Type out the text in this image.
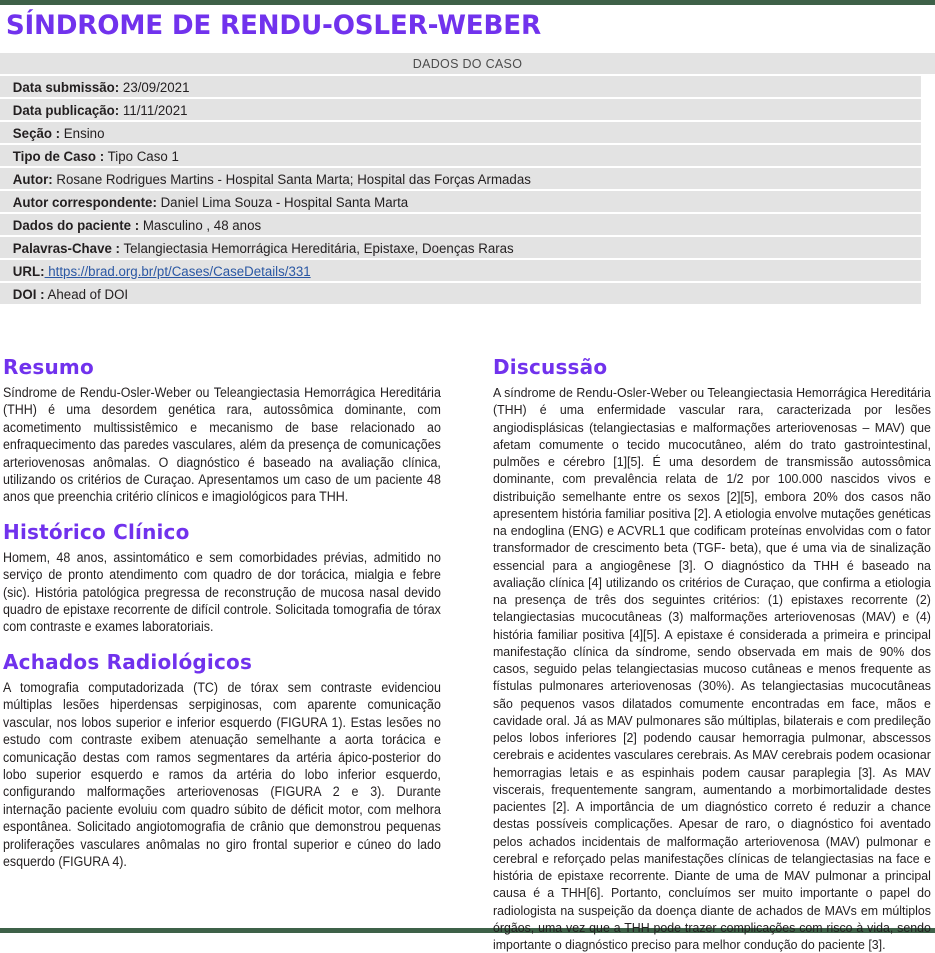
SÍNDROME DE RENDU-OSLER-WEBER
DADOS DO CASO
Data submissão: 23/09/2021
Data publicação: 11/11/2021
Seção : Ensino
Tipo de Caso : Tipo Caso 1
Autor: Rosane Rodrigues Martins - Hospital Santa Marta; Hospital das Forças Armadas
Autor correspondente: Daniel Lima Souza - Hospital Santa Marta
Dados do paciente : Masculino , 48 anos
Palavras-Chave : Telangiectasia Hemorrágica Hereditária, Epistaxe, Doenças Raras
URL: https://brad.org.br/pt/Cases/CaseDetails/331
DOI : Ahead of DOI
Resumo

Síndrome de Rendu-Osler-Weber ou Teleangiectasia Hemorrágica Hereditária (THH) é uma desordem genética rara, autossômica dominante, com acometimento multissistêmico e mecanismo de base relacionado ao enfraquecimento das paredes vasculares, além da presença de comunicações arteriovenosas anômalas. O diagnóstico é baseado na avaliação clínica, utilizando os critérios de Curaçao. Apresentamos um caso de um paciente 48 anos que preenchia critério clínicos e imagiológicos para THH.

Histórico Clínico

Homem, 48 anos, assintomático e sem comorbidades prévias, admitido no serviço de pronto atendimento com quadro de dor torácica, mialgia e febre (sic). História patológica pregressa de reconstrução de mucosa nasal devido quadro de epistaxe recorrente de difícil controle. Solicitada tomografia de tórax com contraste e exames laboratoriais.

Achados Radiológicos

A tomografia computadorizada (TC) de tórax sem contraste evidenciou múltiplas lesões hiperdensas serpiginosas, com aparente comunicação vascular, nos lobos superior e inferior esquerdo (FIGURA 1). Estas lesões no estudo com contraste exibem atenuação semelhante a aorta torácica e comunicação destas com ramos segmentares da artéria ápico-posterior do lobo superior esquerdo e ramos da artéria do lobo inferior esquerdo, configurando malformações arteriovenosas (FIGURA 2 e 3). Durante internação paciente evoluiu com quadro súbito de déficit motor, com melhora espontânea. Solicitado angiotomografia de crânio que demonstrou pequenas proliferações vasculares anômalas no giro frontal superior e cúneo do lado esquerdo (FIGURA 4).

Discussão

A síndrome de Rendu-Osler-Weber ou Teleangiectasia Hemorrágica Hereditária (THH) é uma enfermidade vascular rara, caracterizada por lesões angiodisplásicas (telangiectasias e malformações arteriovenosas – MAV) que afetam comumente o tecido mucocutâneo, além do trato gastrointestinal, pulmões e cérebro [1][5]. É uma desordem de transmissão autossômica dominante, com prevalência relata de 1/2 por 100.000 nascidos vivos e distribuição semelhante entre os sexos [2][5], embora 20% dos casos não apresentem história familiar positiva [2]. A etiologia envolve mutações genéticas na endoglina (ENG) e ACVRL1 que codificam proteínas envolvidas com o fator transformador de crescimento beta (TGF- beta), que é uma via de sinalização essencial para a angiogênese [3]. O diagnóstico da THH é baseado na avaliação clínica [4] utilizando os critérios de Curaçao, que confirma a etiologia na presença de três dos seguintes critérios: (1) epistaxes recorrente (2) telangiectasias mucocutâneas (3) malformações arteriovenosas (MAV) e (4) história familiar positiva [4][5]. A epistaxe é considerada a primeira e principal manifestação clínica da síndrome, sendo observada em mais de 90% dos casos, seguido pelas telangiectasias mucoso cutâneas e menos frequente as fístulas pulmonares arteriovenosas (30%). As telangiectasias mucocutâneas são pequenos vasos dilatados comumente encontradas em face, mãos e cavidade oral. Já as MAV pulmonares são múltiplas, bilaterais e com predileção pelos lobos inferiores [2] podendo causar hemorragia pulmonar, abscessos cerebrais e acidentes vasculares cerebrais. As MAV cerebrais podem ocasionar hemorragias letais e as espinhais podem causar paraplegia [3]. As MAV viscerais, frequentemente sangram, aumentando a morbimortalidade destes pacientes [2]. A importância de um diagnóstico correto é reduzir a chance destas possíveis complicações. Apesar de raro, o diagnóstico foi aventado pelos achados incidentais de malformação arteriovenosa (MAV) pulmonar e cerebral e reforçado pelas manifestações clínicas de telangiectasias na face e história de epistaxe recorrente. Diante de uma de MAV pulmonar a principal causa é a THH[6]. Portanto, concluímos ser muito importante o papel do radiologista na suspeição da doença diante de achados de MAVs em múltiplos órgãos, uma vez que a THH pode trazer complicações com risco à vida, sendo importante o diagnóstico preciso para melhor condução do paciente [3].
